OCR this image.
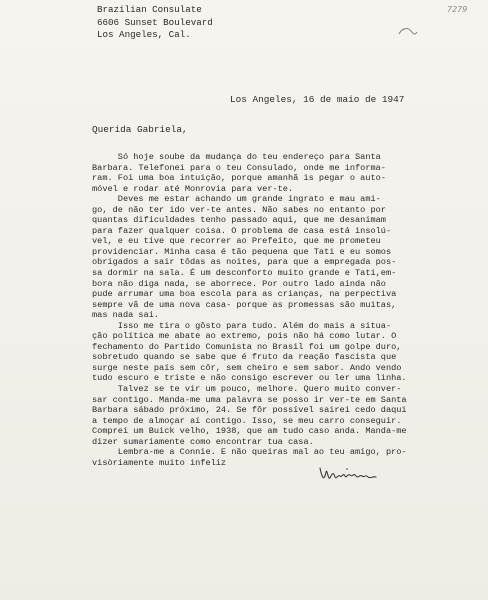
Brazilian Consulate
6606 Sunset Boulevard
Los Angeles, Cal.
7279
Los Angeles, 16 de maio de 1947
Querida Gabriela,
Só hoje soube da mudança do teu endereço para Santa
Barbara. Telefonei para o teu Consulado, onde me informa-
ram. Foi uma boa intuição, porque amanhã is pegar o auto-
móvel e rodar até Monrovia para ver-te.
Deves me estar achando um grande ingrato e mau ami-
go, de não ter ido ver-te antes. Não sabes no entanto por
quantas dificuldades tenho passado aqui, que me desanimam
para fazer qualquer coisa. O problema de casa está insolú-
vel, e eu tive que recorrer ao Prefeito, que me prometeu
providenciar. Minha casa é tão pequena que Tati e eu somos
obrigados a sair tôdas as noites, para que a empregada pos-
sa dormir na sala. É um desconforto muito grande e Tati,em-
bora não diga nada, se aborrece. Por outro lado ainda não
pude arrumar uma boa escola para as crianças, na perpectiva
sempre vã de uma nova casa- porque as promessas são muitas,
mas nada sai.
Isso me tira o gôsto para tudo. Além do mais a situa-
ção política me abate ao extremo, pois não há como lutar. O
fechamento do Partido Comunista no Brasil foi um golpe duro,
sobretudo quando se sabe que é fruto da reação fascista que
surge neste país sem côr, sem cheiro e sem sabor. Ando vendo
tudo escuro e triste e não consigo escrever ou ler uma linha.
Talvez se te vir um pouco, melhore. Quero muito conver-
sar contigo. Manda-me uma palavra se posso ir ver-te em Santa
Barbara sábado próximo, 24. Se fôr possível sairei cedo daqui
a tempo de almoçar aí contigo. Isso, se meu carro conseguir.
Comprei um Buick velho, 1938, que am tudo caso anda. Manda-me
dizer sumariamente como encontrar tua casa.
Lembra-me a Connie. E não queiras mal ao teu amigo, pro-
visòriamente muito infeliz
